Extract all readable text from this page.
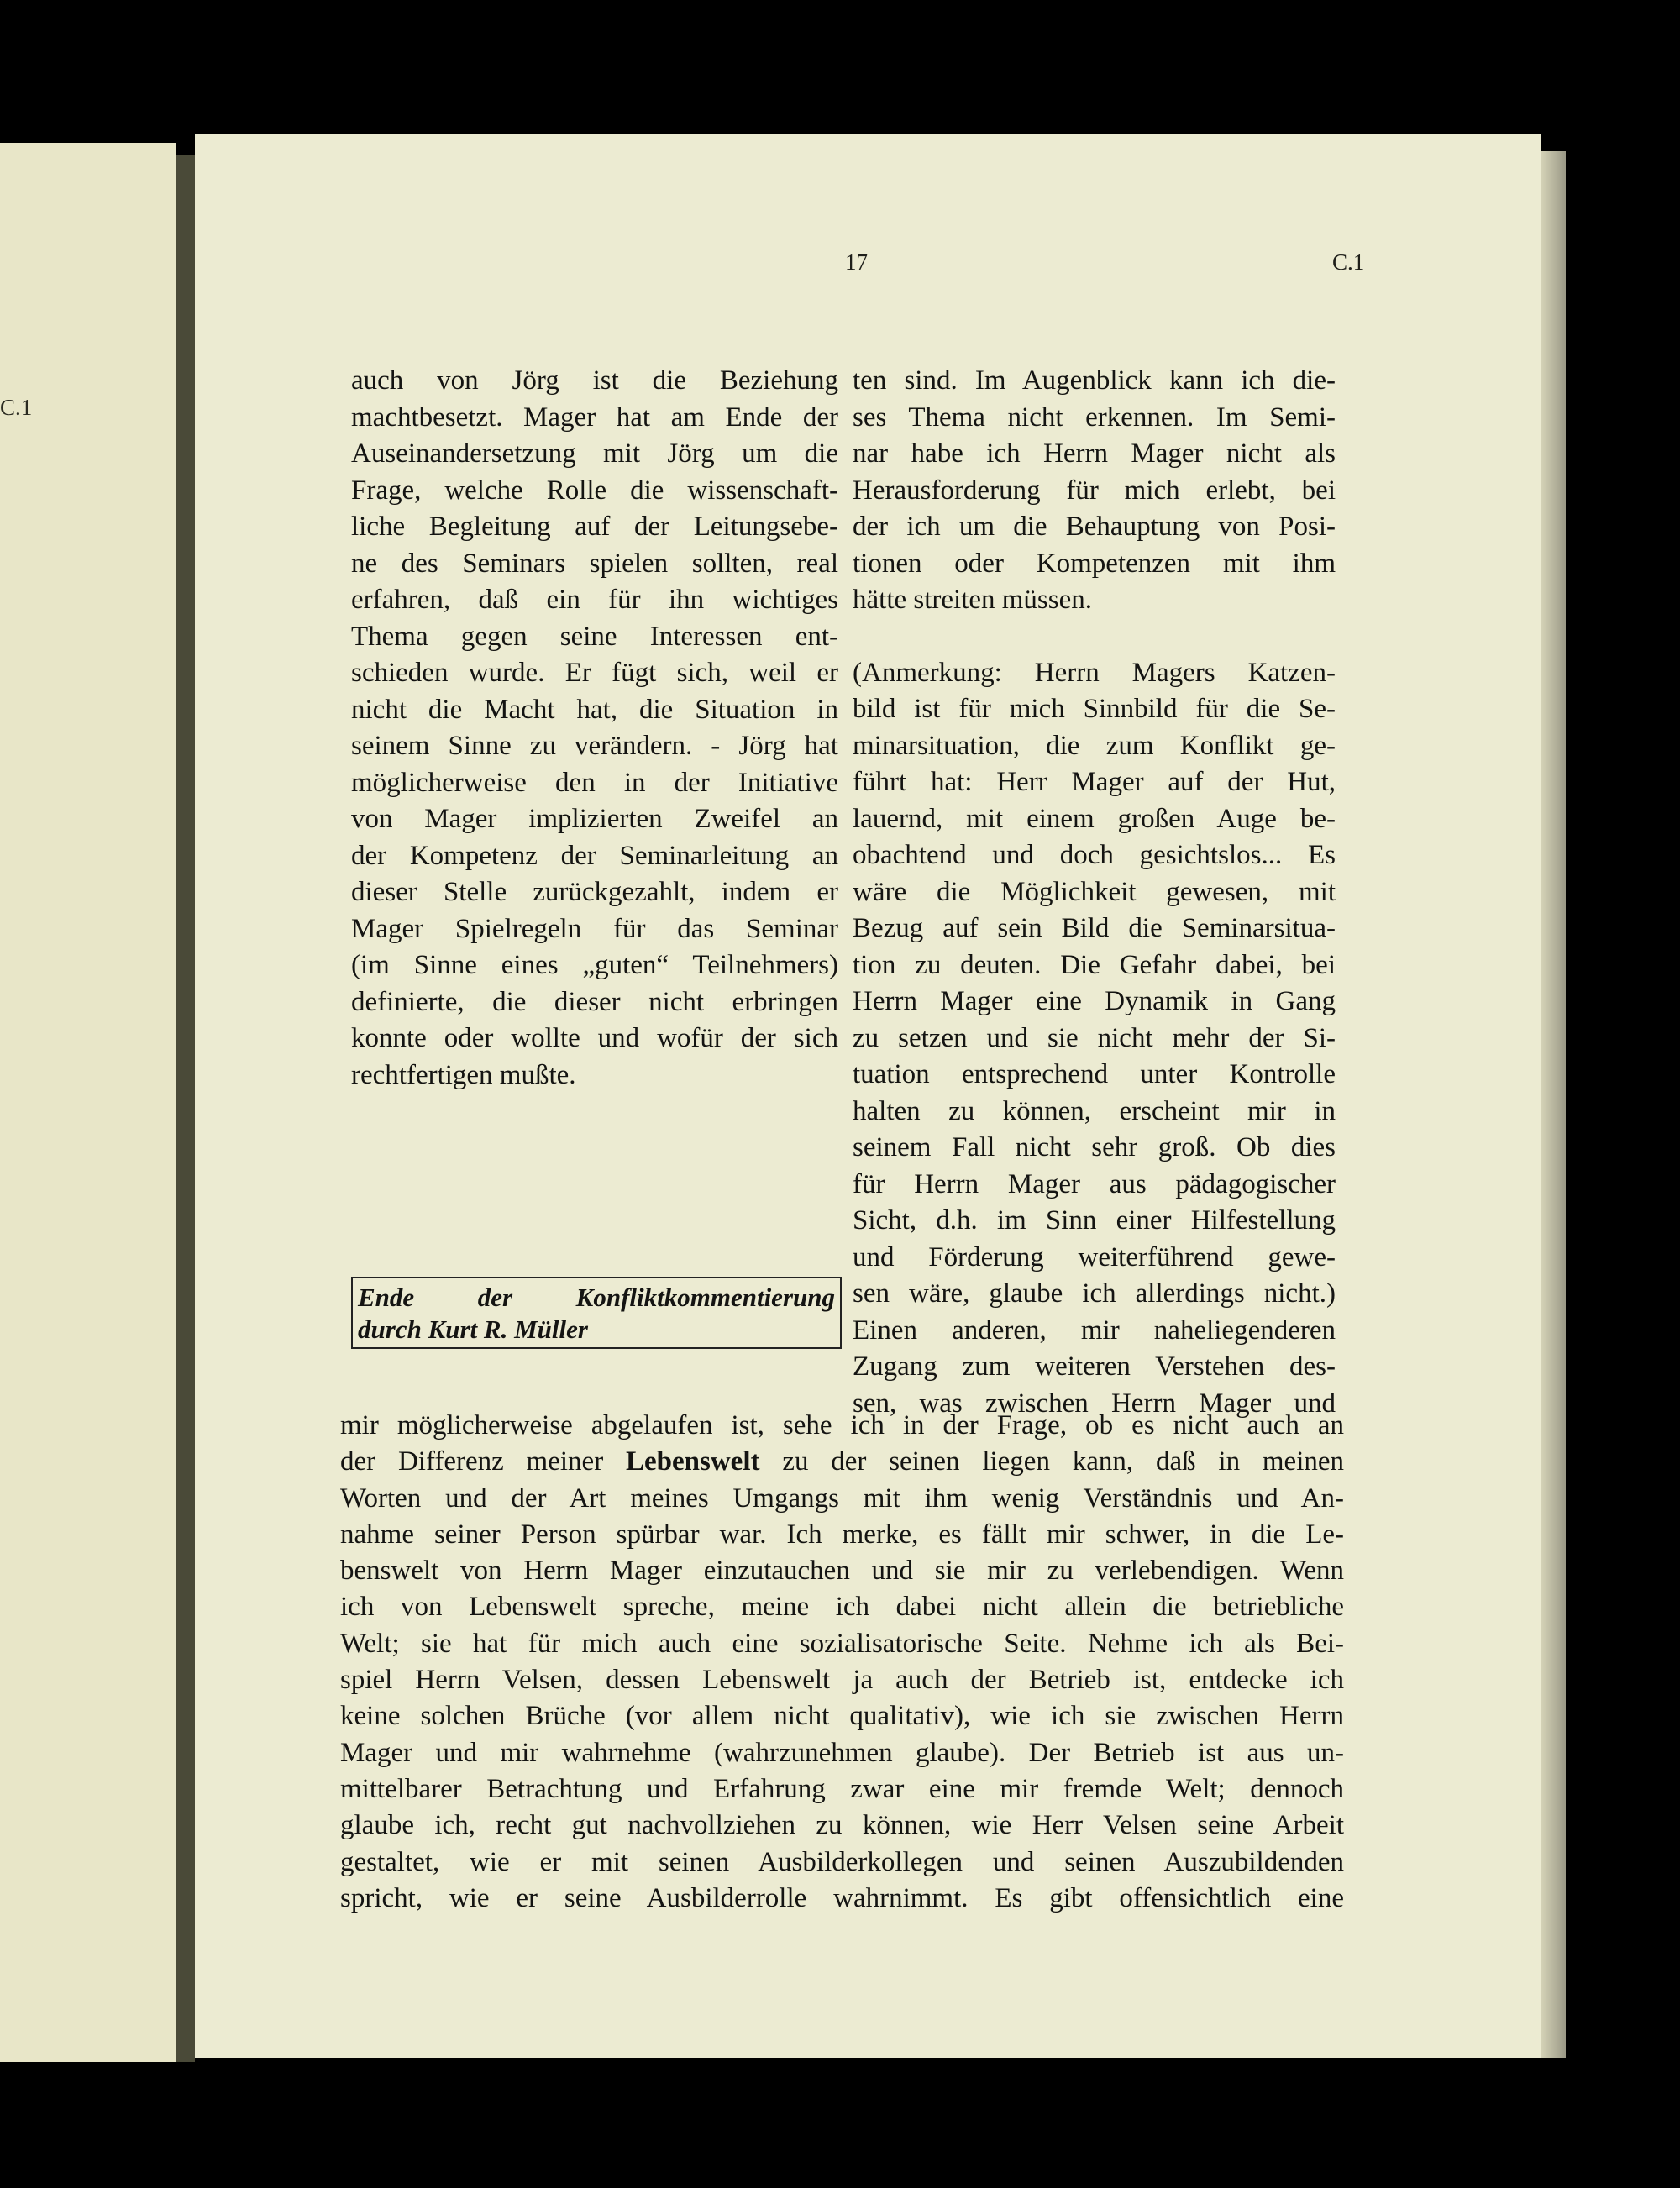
C.1
17	C.1

auch von Jörg ist die Beziehung

machtbesetzt. Mager hat am Ende der

Auseinandersetzung mit Jörg um die

Frage, welche Rolle die wissenschaft-

liche Begleitung auf der Leitungsebe-

ne des Seminars spielen sollten, real

erfahren, daß ein für ihn wichtiges

Thema gegen seine Interessen ent-

schieden wurde. Er fügt sich, weil er

nicht die Macht hat, die Situation in

seinem Sinne zu verändern. - Jörg hat

möglicherweise den in der Initiative

von Mager implizierten Zweifel an

der Kompetenz der Seminarleitung an

dieser Stelle zurückgezahlt, indem er

Mager Spielregeln für das Seminar

(im Sinne eines „guten“ Teilnehmers)

definierte, die dieser nicht erbringen

konnte oder wollte und wofür der sich

rechtfertigen mußte.

Ende der Konfliktkommentierung
durch Kurt R. Müller

ten sind. Im Augenblick kann ich die-

ses Thema nicht erkennen. Im Semi-

nar habe ich Herrn Mager nicht als

Herausforderung für mich erlebt, bei

der ich um die Behauptung von Posi-

tionen oder Kompetenzen mit ihm

hätte streiten müssen.

(Anmerkung: Herrn Magers Katzen-

bild ist für mich Sinnbild für die Se-

minarsituation, die zum Konflikt ge-

führt hat: Herr Mager auf der Hut,

lauernd, mit einem großen Auge be-

obachtend und doch gesichtslos... Es

wäre die Möglichkeit gewesen, mit

Bezug auf sein Bild die Seminarsitua-

tion zu deuten. Die Gefahr dabei, bei

Herrn Mager eine Dynamik in Gang

zu setzen und sie nicht mehr der Si-

tuation entsprechend unter Kontrolle

halten zu können, erscheint mir in

seinem Fall nicht sehr groß. Ob dies

für Herrn Mager aus pädagogischer

Sicht, d.h. im Sinn einer Hilfestellung

und Förderung weiterführend gewe-

sen wäre, glaube ich allerdings nicht.)

Einen anderen, mir naheliegenderen

Zugang zum weiteren Verstehen des-

sen, was zwischen Herrn Mager und

mir möglicherweise abgelaufen ist, sehe ich in der Frage, ob es nicht auch an

der Differenz meiner Lebenswelt zu der seinen liegen kann, daß in meinen

Worten und der Art meines Umgangs mit ihm wenig Verständnis und An-

nahme seiner Person spürbar war. Ich merke, es fällt mir schwer, in die Le-

benswelt von Herrn Mager einzutauchen und sie mir zu verlebendigen. Wenn

ich von Lebenswelt spreche, meine ich dabei nicht allein die betriebliche

Welt; sie hat für mich auch eine sozialisatorische Seite. Nehme ich als Bei-

spiel Herrn Velsen, dessen Lebenswelt ja auch der Betrieb ist, entdecke ich

keine solchen Brüche (vor allem nicht qualitativ), wie ich sie zwischen Herrn

Mager und mir wahrnehme (wahrzunehmen glaube). Der Betrieb ist aus un-

mittelbarer Betrachtung und Erfahrung zwar eine mir fremde Welt; dennoch

glaube ich, recht gut nachvollziehen zu können, wie Herr Velsen seine Arbeit

gestaltet, wie er mit seinen Ausbilderkollegen und seinen Auszubildenden

spricht, wie er seine Ausbilderrolle wahrnimmt. Es gibt offensichtlich eine
